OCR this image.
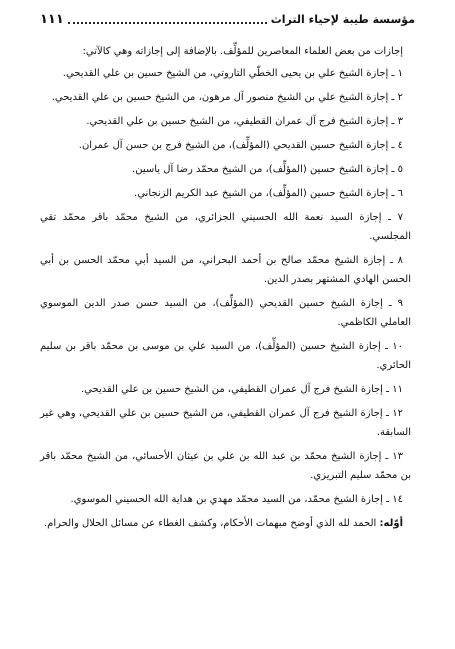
مؤسسة طيبة لإحياء التراث
١١١

إجازات من بعض العلماء المعاصرين للمؤلِّف. بالإضافة إلى إجازاته وهي كالآتي:

١ ـ إجازة الشيخ علي بن يحيى الخطّي التاروتي، من الشيخ حسين بن علي القديحي.

٢ ـ إجازة الشيخ علي بن الشيخ منصور آل مرهون، من الشيخ حسين بن علي القديحي.

٣ ـ إجازة الشيخ فرج آل عمران القطيفي، من الشيخ حسين بن علي القديحي.

٤ ـ إجازة الشيخ حسين القديحي (المؤلِّف)، من الشيخ فرج بن حسن آل عمران.

٥ ـ إجازة الشيخ حسين (المؤلِّف)، من الشيخ محمّد رضا آل ياسين.

٦ ـ إجازة الشيخ حسين (المؤلِّف)، من الشيخ عبد الكريم الزنجاني.

٧ ـ إجازة السيد نعمة الله الحسيني الجزائري، من الشيخ محمّد باقر محمّد تقي المجلسي.

٨ ـ إجازة الشيخ محمّد صالح بن أحمد البحراني، من السيد أبي محمّد الحسن بن أبي الحسن الهادي المشتهر بصدر الدين.

٩ ـ إجازة الشيخ حسين القديحي (المؤلِّف)، من السيد حسن صدر الدين الموسوي العاملي الكاظمي.

١٠ ـ إجازة الشيخ حسين (المؤلِّف)، من السيد علي بن موسى بن محمّد باقر بن سليم الحائري.

١١ ـ إجازة الشيخ فرج آل عمران القطيفي، من الشيخ حسين بن علي القديحي.

١٢ ـ إجازة الشيخ فرج آل عمران القطيفي، من الشيخ حسين بن علي القديحي، وهي غير السابقة.

١٣ ـ إجازة الشيخ محمّد بن عبد الله بن علي بن عيثان الأحسائي، من الشيخ محمّد باقر بن محمّد سليم التبريزي.

١٤ ـ إجازة الشيخ محمّد، من السيد محمّد مهدي بن هداية الله الحسيني الموسوي.

أوّله: الحمد لله الذي أوضح مبهمات الأحكام، وكشف الغطاء عن مسائل الحلال والحرام.
